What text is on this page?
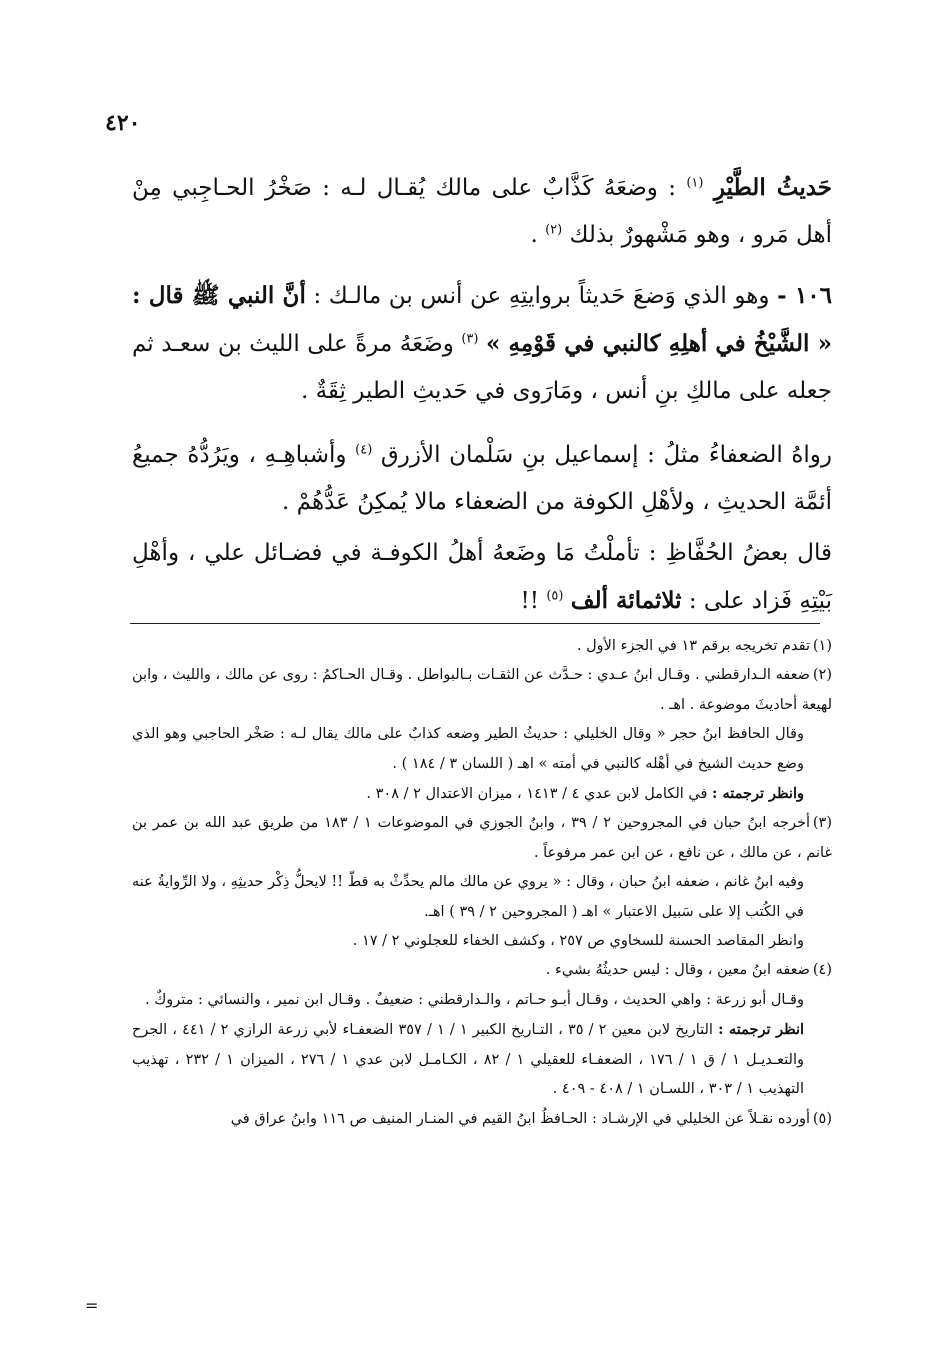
٤٢٠

حَديثُ الطَّيْرِ $^{(١)}$ : وضعَهُ كَذَّابٌ على مالك يُقـال لـه : صَخْرُ الحـاجِبي مِنْ أهل مَرو ، وهو مَشْهورٌ بذلك $^{(٢)}$ .

١٠٦ - وهو الذي وَضعَ حَديثاً بروايتِهِ عن أنس بن مالـك : أنَّ النبي ﷺ قال : « الشَّيْخُ في أهلِهِ كالنبي في قَوْمِهِ » $^{(٣)}$ وضَعَهُ مرةً على الليث بن سعـد ثم جعله على مالكِ بنِ أنس ، ومَارَوى في حَديثِ الطير ثِقَةٌ .

رواهُ الضعفاءُ مثلُ : إسماعيل بنِ سَلْمان الأزرق $^{(٤)}$ وأشباهِـهِ ، ويَرُدُّهُ جميعُ أئمَّة الحديثِ ، ولأهْلِ الكوفة من الضعفاء مالا يُمكِنُ عَدُّهُمْ .

قال بعضُ الحُفَّاظِ : تأملْتُ مَا وضَعهُ أهلُ الكوفـة في فضـائل علي ، وأهْلِ بَيْتِهِ فَزاد على : ثلاثمائة ألف $^{(٥)}$ !!

(١)تقدم تخريجه برقم ١٣ في الجزء الأول .

(٢)ضعفه الـدارقطني . وقـال ابنُ عـدي : حـدَّث عن الثقـات بـالبواطل . وقـال الحـاكمُ : روى عن مالك ، والليث ، وابن لهيعة أحاديثَ موضوعة . اهـ .

وقال الحافظ ابنُ حجر « وقال الخليلي : حديثُ الطير وضعه كذابٌ على مالك يقال لـه : صَخْر الحاجبي وهو الذي وضع حديث الشيخ في أهْله كالنبي في أمته » اهـ ( اللسان ٣ / ١٨٤ ) .

وانظر ترجمته : في الكامل لابن عدي ٤ / ١٤١٣ ، ميزان الاعتدال ٢ / ٣٠٨ .

(٣)أخرجه ابنُ حبان في المجروحين ٢ / ٣٩ ، وابنُ الجوزي في الموضوعات ١ / ١٨٣ من طريق عبد الله بن عمر بن غانم ، عن مالك ، عن نافع ، عن ابن عمر مرفوعاً .

وفيه ابنُ غانم ، ضعفه ابنُ حبان ، وقال : « يروي عن مالك مالم يحدِّثْ به قطّ !! لايحلُّ ذِكْر حديثِهِ ، ولا الرِّوايةُ عنه في الكُتب إلا على سَبيل الاعتبار » اهـ ( المجروحين ٢ / ٣٩ ) اهـ.

وانظر المقاصد الحسنة للسخاوي ص ٢٥٧ ، وكشف الخفاء للعجلوني ٢ / ١٧ .

(٤)ضعفه ابنُ معين ، وقال : ليس حديثُهُ بشيء .

وقـال أبو زرعة : واهي الحديث ، وقـال أبـو حـاتم ، والـدارقطني : ضعيفٌ . وقـال ابن نمير ، والنسائي : متروكٌ .

انظر ترجمته : التاريخ لابن معين ٢ / ٣٥ ، التـاريخ الكبير ١ / ١ / ٣٥٧ الضعفـاء لأبي زرعة الرازي ٢ / ٤٤١ ، الجرح والتعـديـل ١ / ق ١ / ١٧٦ ، الضعفـاء للعقيلي ١ / ٨٢ ، الكـامـل لابن عدي ١ / ٢٧٦ ، الميزان ١ / ٢٣٢ ، تهذيب التهذيب ١ / ٣٠٣ ، اللسـان ١ / ٤٠٨ - ٤٠٩ .

(٥)أورده نقـلاً عن الخليلي في الإرشـاد : الحـافظُ ابنُ القيم في المنـار المنيف ص ١١٦ وابنُ عراق في

=
